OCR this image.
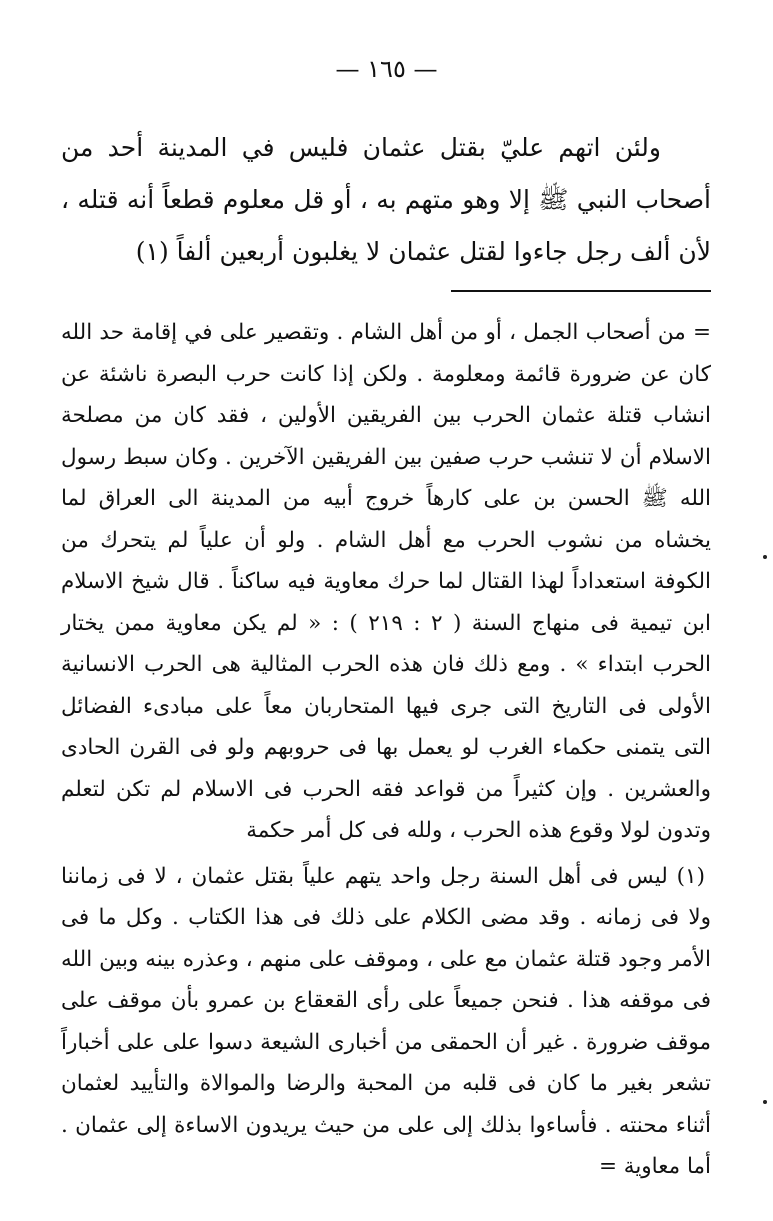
— ١٦٥ —

ولئن اتهم عليّ بقتل عثمان فليس في المدينة أحد من أصحاب النبي ﷺ إلا وهو متهم به ، أو قل معلوم قطعاً أنه قتله ، لأن ألف رجل جاءوا لقتل عثمان لا يغلبون أربعين ألفاً (١)

= من أصحاب الجمل ، أو من أهل الشام . وتقصير على في إقامة حد الله كان عن ضرورة قائمة ومعلومة . ولكن إذا كانت حرب البصرة ناشئة عن انشاب قتلة عثمان الحرب بين الفريقين الأولين ، فقد كان من مصلحة الاسلام أن لا تنشب حرب صفين بين الفريقين الآخرين . وكان سبط رسول الله ﷺ الحسن بن على كارهاً خروج أبيه من المدينة الى العراق لما يخشاه من نشوب الحرب مع أهل الشام . ولو أن علياً لم يتحرك من الكوفة استعداداً لهذا القتال لما حرك معاوية فيه ساكناً . قال شيخ الاسلام ابن تيمية فى منهاج السنة ( ٢ : ٢١٩ ) : « لم يكن معاوية ممن يختار الحرب ابتداء » . ومع ذلك فان هذه الحرب المثالية هى الحرب الانسانية الأولى فى التاريخ التى جرى فيها المتحاربان معاً على مبادىء الفضائل التى يتمنى حكماء الغرب لو يعمل بها فى حروبهم ولو فى القرن الحادى والعشرين . وإن كثيراً من قواعد فقه الحرب فى الاسلام لم تكن لتعلم وتدون لولا وقوع هذه الحرب ، ولله فى كل أمر حكمة

(١) ليس فى أهل السنة رجل واحد يتهم علياً بقتل عثمان ، لا فى زماننا ولا فى زمانه . وقد مضى الكلام على ذلك فى هذا الكتاب . وكل ما فى الأمر وجود قتلة عثمان مع على ، وموقف على منهم ، وعذره بينه وبين الله فى موقفه هذا . فنحن جميعاً على رأى القعقاع بن عمرو بأن موقف على موقف ضرورة . غير أن الحمقى من أخبارى الشيعة دسوا على على أخباراً تشعر بغير ما كان فى قلبه من المحبة والرضا والموالاة والتأييد لعثمان أثناء محنته . فأساءوا بذلك إلى على من حيث يريدون الاساءة إلى عثمان . أما معاوية =
